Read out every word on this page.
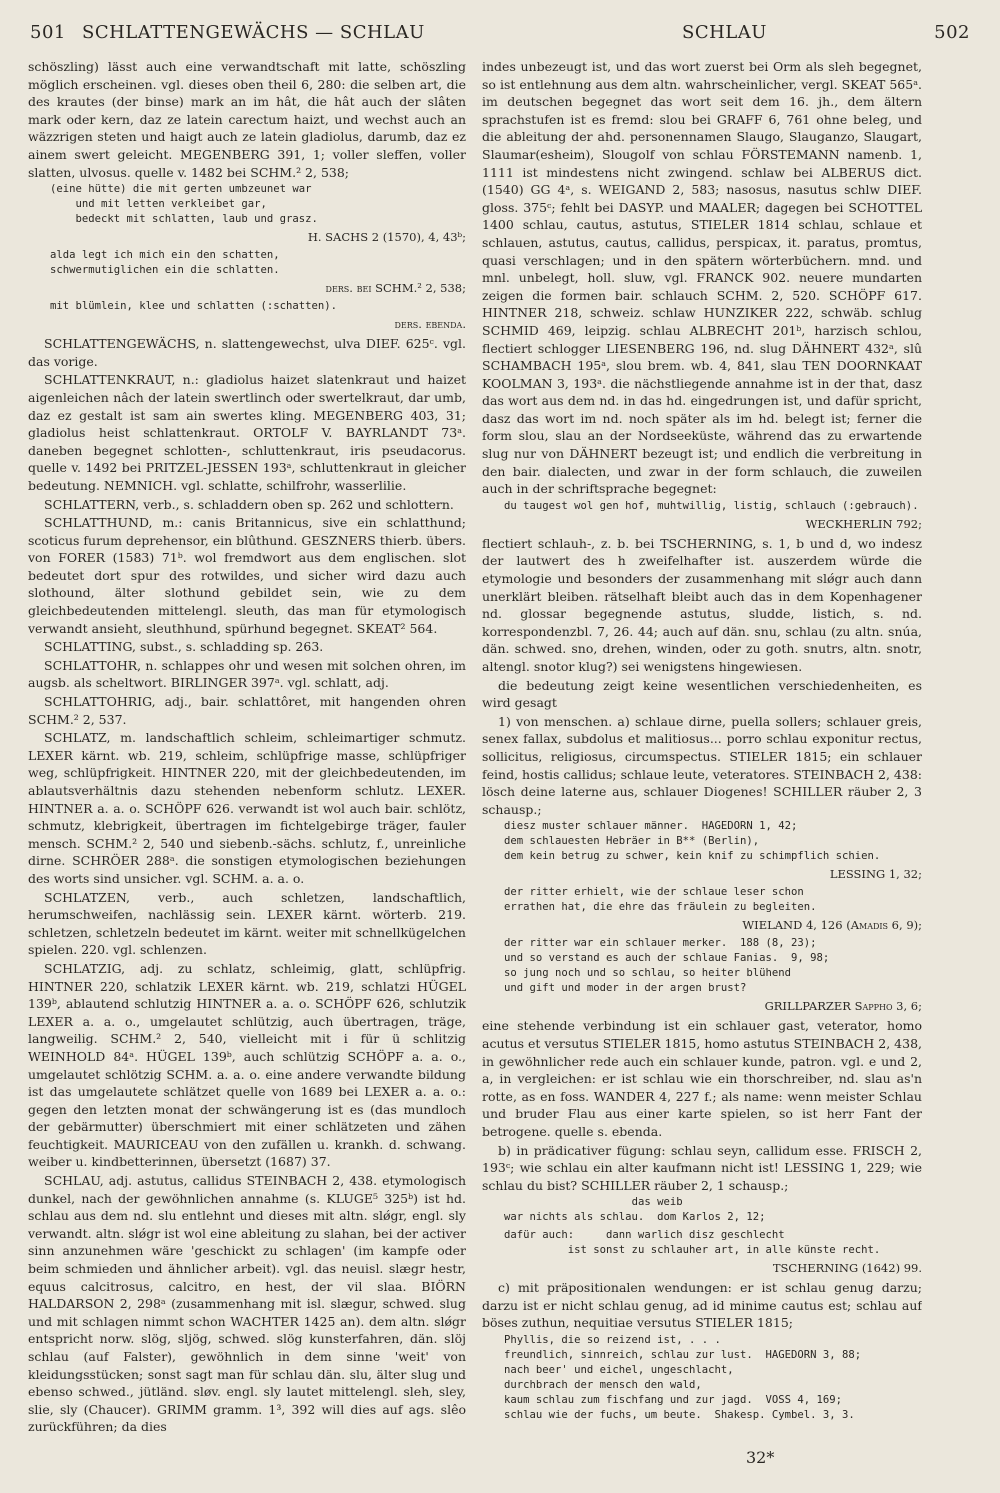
501 SCHLATTENGEWÄCHS — SCHLAU	SCHLAU	502
schöszling) lässt auch eine verwandtschaft mit latte, schöszling möglich erscheinen. vgl. dieses oben theil 6, 280: die selben art, die des krautes (der binse) mark an im hât, die hât auch der slâten mark oder kern, daz ze latein carectum haizt, und wechst auch an wäzzrigen steten und haigt auch ze latein gladiolus, darumb, daz ez ainem swert geleicht. MEGENBERG 391, 1; voller sleffen, voller slatten, ulvosus. quelle v. 1482 bei SCHM.² 2, 538;
(eine hütte) die mit gerten umbzeunet war
und mit letten verkleibet gar,
bedeckt mit schlatten, laub und grasz.
H. SACHS 2 (1570), 4, 43ᵇ;
alda legt ich mich ein den schatten,
schwermutiglichen ein die schlatten.
ders. bei SCHM.² 2, 538;
mit blümlein, klee und schlatten (:schatten).
ders. ebenda.
SCHLATTENGEWÄCHS, n. slattengewechst, ulva DIEF. 625ᶜ. vgl. das vorige.
SCHLATTENKRAUT, n.: gladiolus haizet slatenkraut und haizet aigenleichen nâch der latein swertlinch oder swertelkraut, dar umb, daz ez gestalt ist sam ain swertes kling. MEGENBERG 403, 31; gladiolus heist schlattenkraut. ORTOLF V. BAYRLANDT 73ᵃ. daneben begegnet schlotten-, schluttenkraut, iris pseudacorus. quelle v. 1492 bei PRITZEL-JESSEN 193ᵃ, schluttenkraut in gleicher bedeutung. NEMNICH. vgl. schlatte, schilfrohr, wasserlilie.
SCHLATTERN, verb., s. schladdern oben sp. 262 und schlottern.
SCHLATTHUND, m.: canis Britannicus, sive ein schlatthund; scoticus furum deprehensor, ein blûthund. GESZNERS thierb. übers. von FORER (1583) 71ᵇ. wol fremdwort aus dem englischen. slot bedeutet dort spur des rotwildes, und sicher wird dazu auch slothound, älter slothund gebildet sein, wie zu dem gleichbedeutenden mittelengl. sleuth, das man für etymologisch verwandt ansieht, sleuthhund, spürhund begegnet. SKEAT² 564.
SCHLATTING, subst., s. schladding sp. 263.
SCHLATTOHR, n. schlappes ohr und wesen mit solchen ohren, im augsb. als scheltwort. BIRLINGER 397ᵃ. vgl. schlatt, adj.
SCHLATTOHRIG, adj., bair. schlattôret, mit hangenden ohren SCHM.² 2, 537.
SCHLATZ, m. landschaftlich schleim, schleimartiger schmutz. LEXER kärnt. wb. 219, schleim, schlüpfrige masse, schlüpfriger weg, schlüpfrigkeit. HINTNER 220, mit der gleichbedeutenden, im ablautsverhältnis dazu stehenden nebenform schlutz. LEXER. HINTNER a. a. o. SCHÖPF 626. verwandt ist wol auch bair. schlötz, schmutz, klebrigkeit, übertragen im fichtelgebirge träger, fauler mensch. SCHM.² 2, 540 und siebenb.-sächs. schlutz, f., unreinliche dirne. SCHRÖER 288ᵃ. die sonstigen etymologischen beziehungen des worts sind unsicher. vgl. SCHM. a. a. o.
SCHLATZEN, verb., auch schletzen, landschaftlich, herumschweifen, nachlässig sein. LEXER kärnt. wörterb. 219. schletzen, schletzeln bedeutet im kärnt. weiter mit schnellkügelchen spielen. 220. vgl. schlenzen.
SCHLATZIG, adj. zu schlatz, schleimig, glatt, schlüpfrig. HINTNER 220, schlatzik LEXER kärnt. wb. 219, schlatzi HÜGEL 139ᵇ, ablautend schlutzig HINTNER a. a. o. SCHÖPF 626, schlutzik LEXER a. a. o., umgelautet schlützig, auch übertragen, träge, langweilig. SCHM.² 2, 540, vielleicht mit i für ü schlitzig WEINHOLD 84ᵃ. HÜGEL 139ᵇ, auch schlützig SCHÖPF a. a. o., umgelautet schlötzig SCHM. a. a. o. eine andere verwandte bildung ist das umgelautete schlätzet quelle von 1689 bei LEXER a. a. o.: gegen den letzten monat der schwängerung ist es (das mundloch der gebärmutter) überschmiert mit einer schlätzeten und zähen feuchtigkeit. MAURICEAU von den zufällen u. krankh. d. schwang. weiber u. kindbetterinnen, übersetzt (1687) 37.
SCHLAU, adj. astutus, callidus STEINBACH 2, 438. etymologisch dunkel, nach der gewöhnlichen annahme (s. KLUGE⁵ 325ᵇ) ist hd. schlau aus dem nd. slu entlehnt und dieses mit altn. slǿgr, engl. sly verwandt. altn. slǿgr ist wol eine ableitung zu slahan, bei der activer sinn anzunehmen wäre 'geschickt zu schlagen' (im kampfe oder beim schmieden und ähnlicher arbeit). vgl. das neuisl. slægr hestr, equus calcitrosus, calcitro, en hest, der vil slaa. BIÖRN HALDARSON 2, 298ᵃ (zusammenhang mit isl. slægur, schwed. slug und mit schlagen nimmt schon WACHTER 1425 an). dem altn. slǿgr entspricht norw. slög, sljög, schwed. slög kunsterfahren, dän. slöj schlau (auf Falster), gewöhnlich in dem sinne 'weit' von kleidungsstücken; sonst sagt man für schlau dän. slu, älter slug und ebenso schwed., jütländ. sløv. engl. sly lautet mittelengl. sleh, sley, slie, sly (Chaucer). GRIMM gramm. 1³, 392 will dies auf ags. slêo zurückführen; da dies
indes unbezeugt ist, und das wort zuerst bei Orm als sleh begegnet, so ist entlehnung aus dem altn. wahrscheinlicher, vergl. SKEAT 565ᵃ. im deutschen begegnet das wort seit dem 16. jh., dem ältern sprachstufen ist es fremd: slou bei GRAFF 6, 761 ohne beleg, und die ableitung der ahd. personennamen Slaugo, Slauganzo, Slaugart, Slaumar(esheim), Slougolf von schlau FÖRSTEMANN namenb. 1, 1111 ist mindestens nicht zwingend. schlaw bei ALBERUS dict. (1540) GG 4ᵃ, s. WEIGAND 2, 583; nasosus, nasutus schlw DIEF. gloss. 375ᶜ; fehlt bei DASYP. und MAALER; dagegen bei SCHOTTEL 1400 schlau, cautus, astutus, STIELER 1814 schlau, schlaue et schlauen, astutus, cautus, callidus, perspicax, it. paratus, promtus, quasi verschlagen; und in den spätern wörterbüchern. mnd. und mnl. unbelegt, holl. sluw, vgl. FRANCK 902. neuere mundarten zeigen die formen bair. schlauch SCHM. 2, 520. SCHÖPF 617. HINTNER 218, schweiz. schlaw HUNZIKER 222, schwäb. schlug SCHMID 469, leipzig. schlau ALBRECHT 201ᵇ, harzisch schlou, flectiert schlogger LIESENBERG 196, nd. slug DÄHNERT 432ᵃ, slû SCHAMBACH 195ᵃ, slou brem. wb. 4, 841, slau TEN DOORNKAAT KOOLMAN 3, 193ᵃ. die nächstliegende annahme ist in der that, dasz das wort aus dem nd. in das hd. eingedrungen ist, und dafür spricht, dasz das wort im nd. noch später als im hd. belegt ist; ferner die form slou, slau an der Nordseeküste, während das zu erwartende slug nur von DÄHNERT bezeugt ist; und endlich die verbreitung in den bair. dialecten, und zwar in der form schlauch, die zuweilen auch in der schriftsprache begegnet:
du taugest wol gen hof, muhtwillig, listig, schlauch (:gebrauch).
WECKHERLIN 792;
flectiert schlauh-, z. b. bei TSCHERNING, s. 1, b und d, wo indesz der lautwert des h zweifelhafter ist. auszerdem würde die etymologie und besonders der zusammenhang mit slǿgr auch dann unerklärt bleiben. rätselhaft bleibt auch das in dem Kopenhagener nd. glossar begegnende astutus, sludde, listich, s. nd. korrespondenzbl. 7, 26. 44; auch auf dän. snu, schlau (zu altn. snúa, dän. schwed. sno, drehen, winden, oder zu goth. snutrs, altn. snotr, altengl. snotor klug?) sei wenigstens hingewiesen.
die bedeutung zeigt keine wesentlichen verschiedenheiten, es wird gesagt
1) von menschen. a) schlaue dirne, puella sollers; schlauer greis, senex fallax, subdolus et malitiosus... porro schlau exponitur rectus, sollicitus, religiosus, circumspectus. STIELER 1815; ein schlauer feind, hostis callidus; schlaue leute, veteratores. STEINBACH 2, 438: lösch deine laterne aus, schlauer Diogenes! SCHILLER räuber 2, 3 schausp.;
diesz muster schlauer männer.  HAGEDORN 1, 42;
dem schlauesten Hebräer in B** (Berlin),
dem kein betrug zu schwer, kein knif zu schimpflich schien.
LESSING 1, 32;
der ritter erhielt, wie der schlaue leser schon
errathen hat, die ehre das fräulein zu begleiten.
WIELAND 4, 126 (Amadis 6, 9);
der ritter war ein schlauer merker.  188 (8, 23);
und so verstand es auch der schlaue Fanias.  9, 98;
so jung noch und so schlau, so heiter blühend
und gift und moder in der argen brust?
GRILLPARZER Sappho 3, 6;
eine stehende verbindung ist ein schlauer gast, veterator, homo acutus et versutus STIELER 1815, homo astutus STEINBACH 2, 438, in gewöhnlicher rede auch ein schlauer kunde, patron. vgl. e und 2, a, in vergleichen: er ist schlau wie ein thorschreiber, nd. slau as'n rotte, as en foss. WANDER 4, 227 f.; als name: wenn meister Schlau und bruder Flau aus einer karte spielen, so ist herr Fant der betrogene. quelle s. ebenda.
b) in prädicativer fügung: schlau seyn, callidum esse. FRISCH 2, 193ᶜ; wie schlau ein alter kaufmann nicht ist! LESSING 1, 229; wie schlau du bist? SCHILLER räuber 2, 1 schausp.;
das weib
war nichts als schlau.  dom Karlos 2, 12;
dafür auch:     dann warlich disz geschlecht
ist sonst zu schlauher art, in alle künste recht.
TSCHERNING (1642) 99.
c) mit präpositionalen wendungen: er ist schlau genug darzu; darzu ist er nicht schlau genug, ad id minime cautus est; schlau auf böses zuthun, nequitiae versutus STIELER 1815;
Phyllis, die so reizend ist, . . .
freundlich, sinnreich, schlau zur lust.  HAGEDORN 3, 88;
nach beer' und eichel, ungeschlacht,
durchbrach der mensch den wald,
kaum schlau zum fischfang und zur jagd.  VOSS 4, 169;
schlau wie der fuchs, um beute.  Shakesp. Cymbel. 3, 3.
32*
